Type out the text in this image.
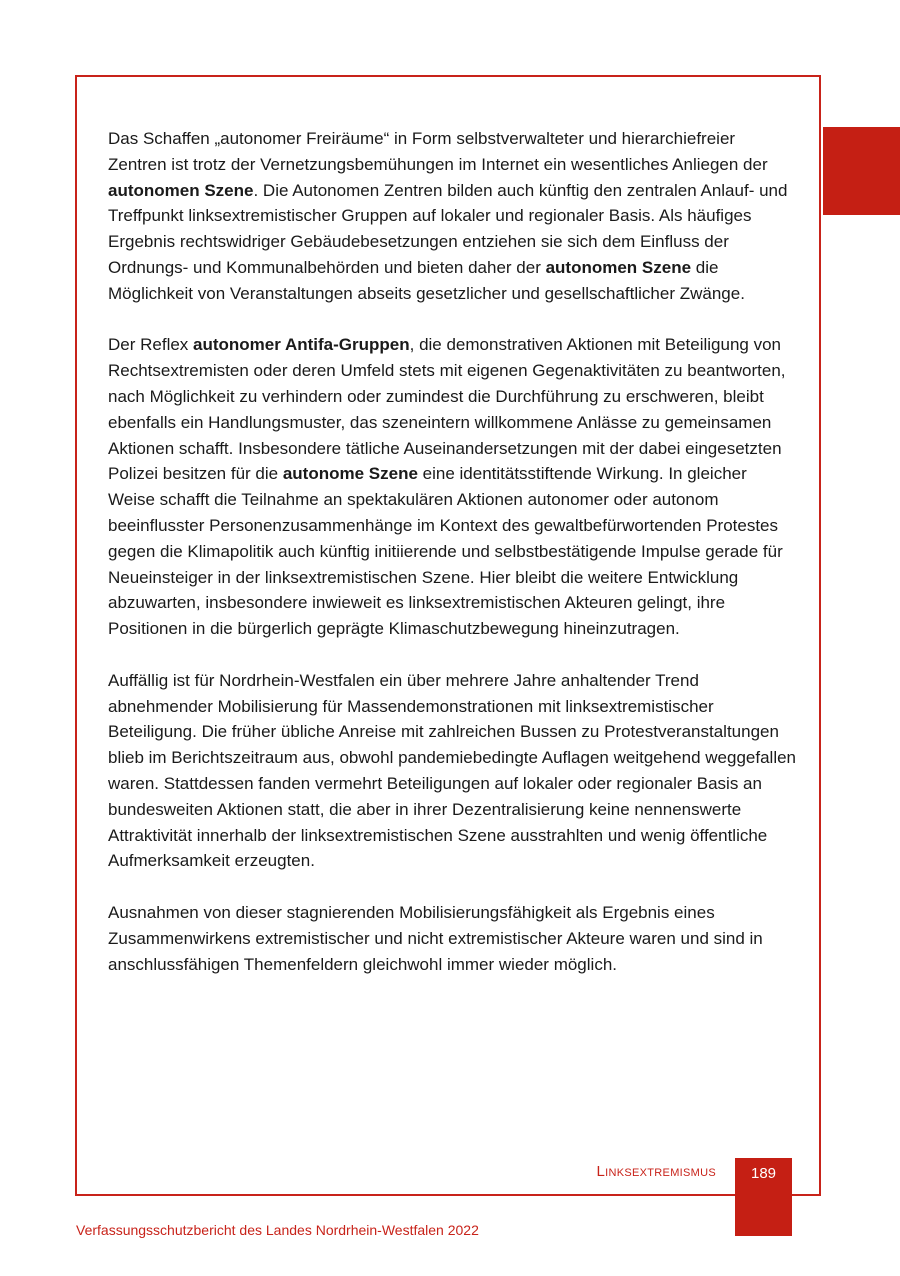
Das Schaffen „autonomer Freiräume“ in Form selbstverwalteter und hierarchiefreier Zentren ist trotz der Vernetzungsbemühungen im Internet ein wesentliches Anliegen der autonomen Szene. Die Autonomen Zentren bilden auch künftig den zentralen Anlauf- und Treffpunkt linksextremistischer Gruppen auf lokaler und regionaler Basis. Als häufiges Ergebnis rechtswidriger Gebäudebesetzungen entziehen sie sich dem Einfluss der Ordnungs- und Kommunalbehörden und bieten daher der autonomen Szene die Möglichkeit von Veranstaltungen abseits gesetzlicher und gesellschaftlicher Zwänge.

Der Reflex autonomer Antifa-Gruppen, die demonstrativen Aktionen mit Beteiligung von Rechtsextremisten oder deren Umfeld stets mit eigenen Gegenaktivitäten zu beantworten, nach Möglichkeit zu verhindern oder zumindest die Durchführung zu erschweren, bleibt ebenfalls ein Handlungsmuster, das szeneintern willkommene Anlässe zu gemeinsamen Aktionen schafft. Insbesondere tätliche Auseinandersetzungen mit der dabei eingesetzten Polizei besitzen für die autonome Szene eine identitätsstiftende Wirkung. In gleicher Weise schafft die Teilnahme an spektakulären Aktionen autonomer oder autonom beeinflusster Personenzusammenhänge im Kontext des gewaltbefürwortenden Protestes gegen die Klimapolitik auch künftig initiierende und selbstbestätigende Impulse gerade für Neueinsteiger in der linksextremistischen Szene. Hier bleibt die weitere Entwicklung abzuwarten, insbesondere inwieweit es linksextremistischen Akteuren gelingt, ihre Positionen in die bürgerlich geprägte Klimaschutzbewegung hineinzutragen.

Auffällig ist für Nordrhein-Westfalen ein über mehrere Jahre anhaltender Trend abnehmender Mobilisierung für Massendemonstrationen mit linksextremistischer Beteiligung. Die früher übliche Anreise mit zahlreichen Bussen zu Protestveranstaltungen blieb im Berichtszeitraum aus, obwohl pandemiebedingte Auflagen weitgehend weggefallen waren. Stattdessen fanden vermehrt Beteiligungen auf lokaler oder regionaler Basis an bundesweiten Aktionen statt, die aber in ihrer Dezentralisierung keine nennenswerte Attraktivität innerhalb der linksextremistischen Szene ausstrahlten und wenig öffentliche Aufmerksamkeit erzeugten.

Ausnahmen von dieser stagnierenden Mobilisierungsfähigkeit als Ergebnis eines Zusammenwirkens extremistischer und nicht extremistischer Akteure waren und sind in anschlussfähigen Themenfeldern gleichwohl immer wieder möglich.

Linksextremismus	189
Verfassungsschutzbericht des Landes Nordrhein-Westfalen 2022
